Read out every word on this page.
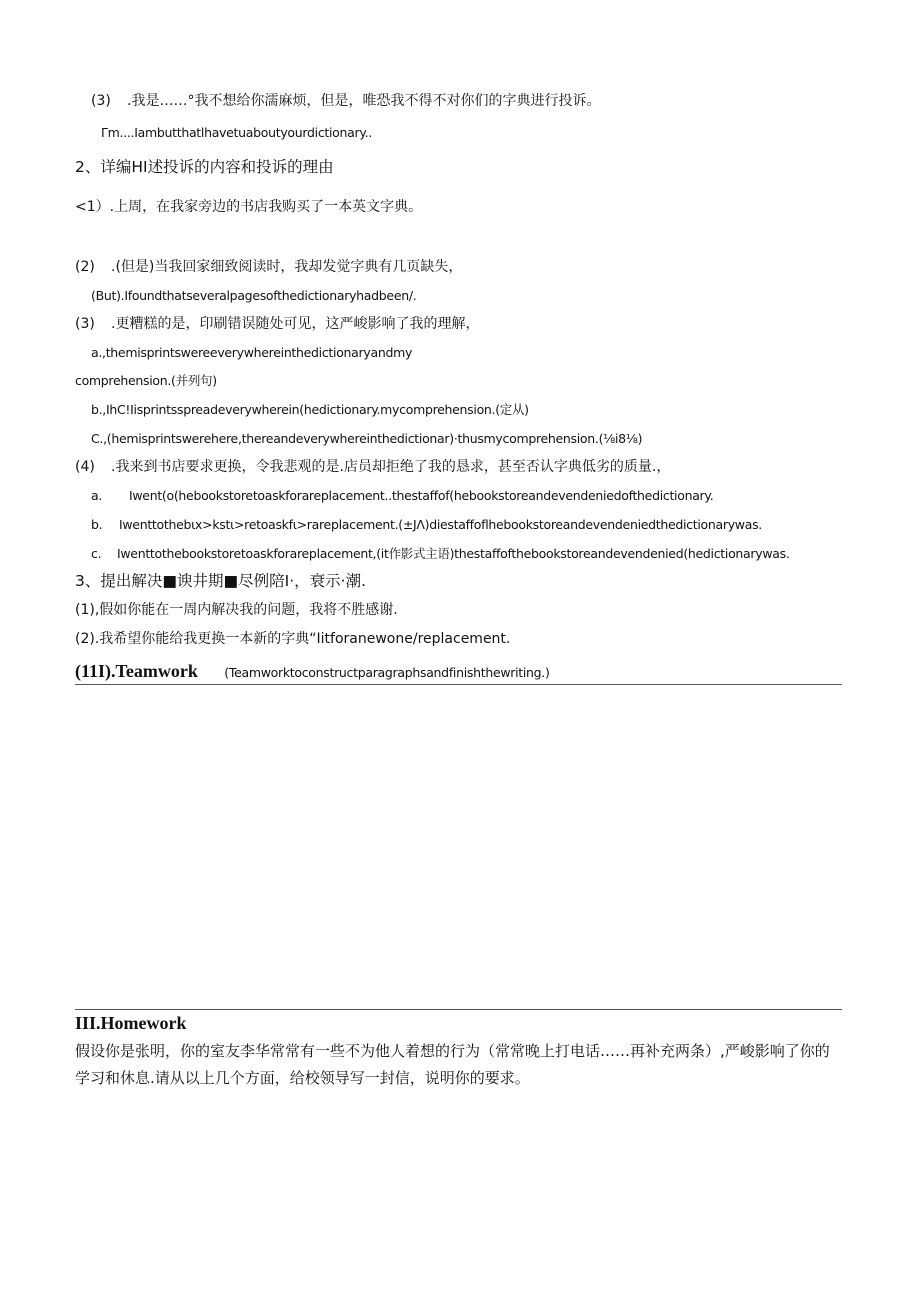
(3) .我是……°我不想给你濡麻烦，但是，唯恐我不得不对你们的字典进行投诉。
Γm....Iambutthatlhavetuaboutyourdictionary..
2、详编HI述投诉的内容和投诉的理由
<1）.上周，在我家旁边的书店我购买了一本英文字典。
(2) .(但是)当我回家细致阅读时，我却发觉字典有几页缺失，
(But).Ifoundthatseveralpagesofthedictionaryhadbeen/.
(3) .更糟糕的是，印刷错误随处可见，这严峻影响了我的理解，
a.,themisprintswereeverywhereinthedictionaryandmy
comprehension.(并列句)
b.,IhC!Iisprintsspreadeverywherein(hedictionary.mycomprehension.(定从)
C.,(hemisprintswerehere,thereandeverywhereinthedictionar)·thusmycomprehension.(⅛i8⅛)
(4) .我来到书店要求更换，令我悲观的是.店员却拒绝了我的恳求，甚至否认字典低劣的质量.，
a. Iwent(o(hebookstoretoaskforareplacement..thestaffof(hebookstoreandevendeniedofthedictionary.
b. Iwenttothebιx>kstι>retoaskfι>rareplacement.(±JΛ)diestaffoflhebookstoreandevendeniedthedictionarywas.
c. Iwenttothebookstoretoaskforareplacement,(it作影式主语)thestaffofthebookstoreandevendenied(hedictionarywas.
3、提出解决■谀井期■尽例陪I·，衰示·潮.
(1),假如你能在一周内解决我的问题，我将不胜感谢.
(2).我希望你能给我更换一本新的字典“Iitforanewone/replacement.
(11I).Teamwork (Teamworktoconstructparagraphsandfinishthewriting.)
III.Homework
假设你是张明，你的室友李华常常有一些不为他人着想的行为（常常晚上打电话……再补充两条）,严峻影响了你的学习和休息.请从以上几个方面，给校领导写一封信，说明你的要求。
